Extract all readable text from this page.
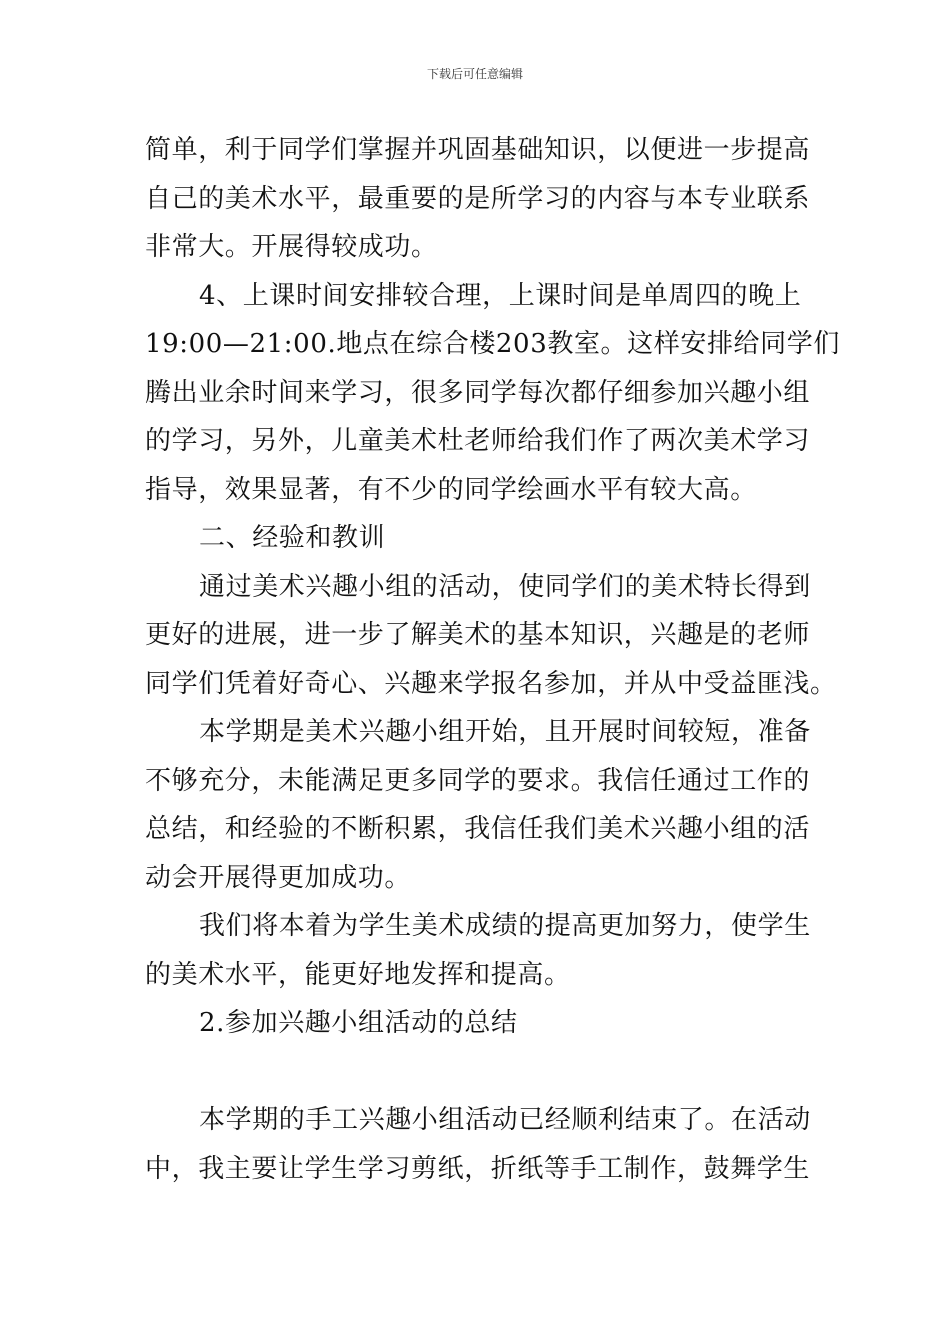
下载后可任意编辑
简单，利于同学们掌握并巩固基础知识，以便进一步提高
自己的美术水平，最重要的是所学习的内容与本专业联系
非常大。开展得较成功。
4、上课时间安排较合理，上课时间是单周四的晚上
19:00—21:00.地点在综合楼203教室。这样安排给同学们
腾出业余时间来学习，很多同学每次都仔细参加兴趣小组
的学习，另外，儿童美术杜老师给我们作了两次美术学习
指导，效果显著，有不少的同学绘画水平有较大高。
二、经验和教训
通过美术兴趣小组的活动，使同学们的美术特长得到
更好的进展，进一步了解美术的基本知识，兴趣是的老师
同学们凭着好奇心、兴趣来学报名参加，并从中受益匪浅。
本学期是美术兴趣小组开始，且开展时间较短，准备
不够充分，未能满足更多同学的要求。我信任通过工作的
总结，和经验的不断积累，我信任我们美术兴趣小组的活
动会开展得更加成功。
我们将本着为学生美术成绩的提高更加努力，使学生
的美术水平，能更好地发挥和提高。
2.参加兴趣小组活动的总结
本学期的手工兴趣小组活动已经顺利结束了。在活动
中，我主要让学生学习剪纸，折纸等手工制作，鼓舞学生
